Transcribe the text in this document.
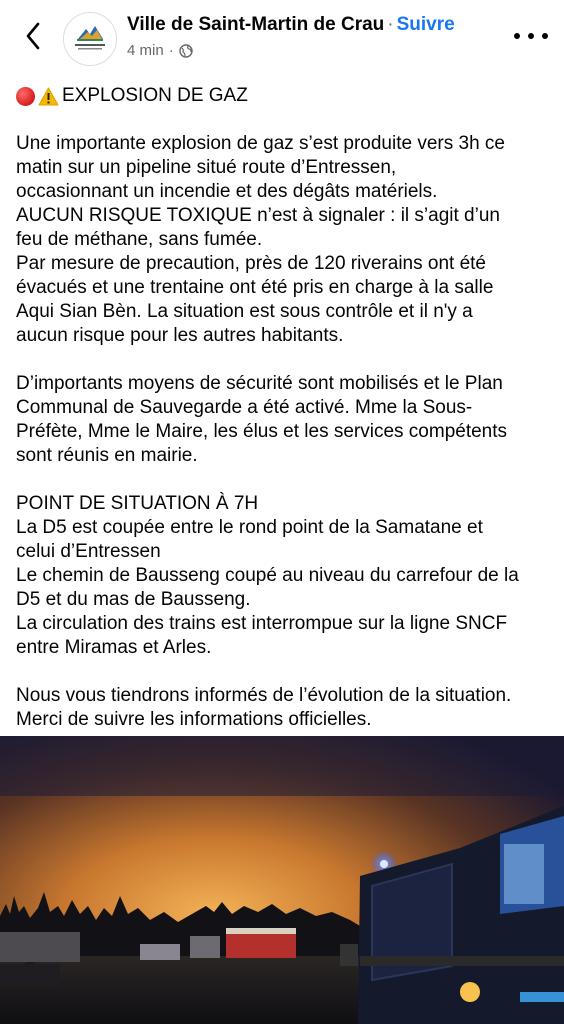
Ville de Saint-Martin de Crau · Suivre
4 min ·

EXPLOSION DE GAZ

Une importante explosion de gaz s’est produite vers 3h ce

matin sur un pipeline situé route d’Entressen,

occasionnant un incendie et des dégâts matériels.

AUCUN RISQUE TOXIQUE n’est à signaler : il s’agit d’un

feu de méthane, sans fumée.

Par mesure de precaution, près de 120 riverains ont été

évacués et une trentaine ont été pris en charge à la salle

Aqui Sian Bèn. La situation est sous contrôle et il n'y a

aucun risque pour les autres habitants.

D’importants moyens de sécurité sont mobilisés et le Plan

Communal de Sauvegarde a été activé. Mme la Sous-

Préfète, Mme le Maire, les élus et les services compétents

sont réunis en mairie.

POINT DE SITUATION À 7H

La D5 est coupée entre le rond point de la Samatane et

celui d’Entressen

Le chemin de Bausseng coupé au niveau du carrefour de la

D5 et du mas de Bausseng.

La circulation des trains est interrompue sur la ligne SNCF

entre Miramas et Arles.

Nous vous tiendrons informés de l’évolution de la situation.

Merci de suivre les informations officielles.
